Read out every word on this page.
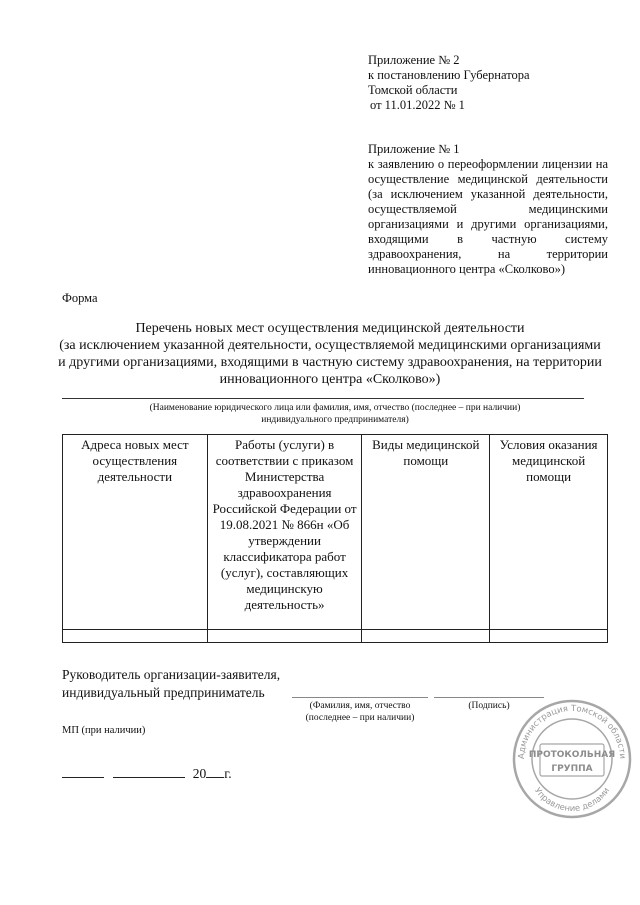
Приложение № 2
к постановлению Губернатора
Томской области
от 11.01.2022 № 1
Приложение № 1
к заявлению о переоформлении лицензии на осуществление медицинской деятельности (за исключением указанной деятельности, осуществляемой медицинскими организациями и другими организациями, входящими в частную систему здравоохранения, на территории инновационного центра «Сколково»)
Форма
Перечень новых мест осуществления медицинской деятельности
(за исключением указанной деятельности, осуществляемой медицинскими организациями
и другими организациями, входящими в частную систему здравоохранения, на территории
инновационного центра «Сколково»)
(Наименование юридического лица или фамилия, имя, отчество (последнее – при наличии)
индивидуального предпринимателя)
Адреса новых мест осуществления деятельности	Работы (услуги) в соответствии с приказом Министерства здравоохранения Российской Федерации от 19.08.2021 № 866н «Об утверждении классификатора работ (услуг), составляющих медицинскую деятельность»	Виды медицинской помощи	Условия оказания медицинской помощи

Руководитель организации-заявителя,
индивидуальный предприниматель
(Фамилия, имя, отчество
(последнее – при наличии)
(Подпись)
МП (при наличии)
20 г.
Администрация Томской области
Управление делами
ПРОТОКОЛЬНАЯ
ГРУППА
